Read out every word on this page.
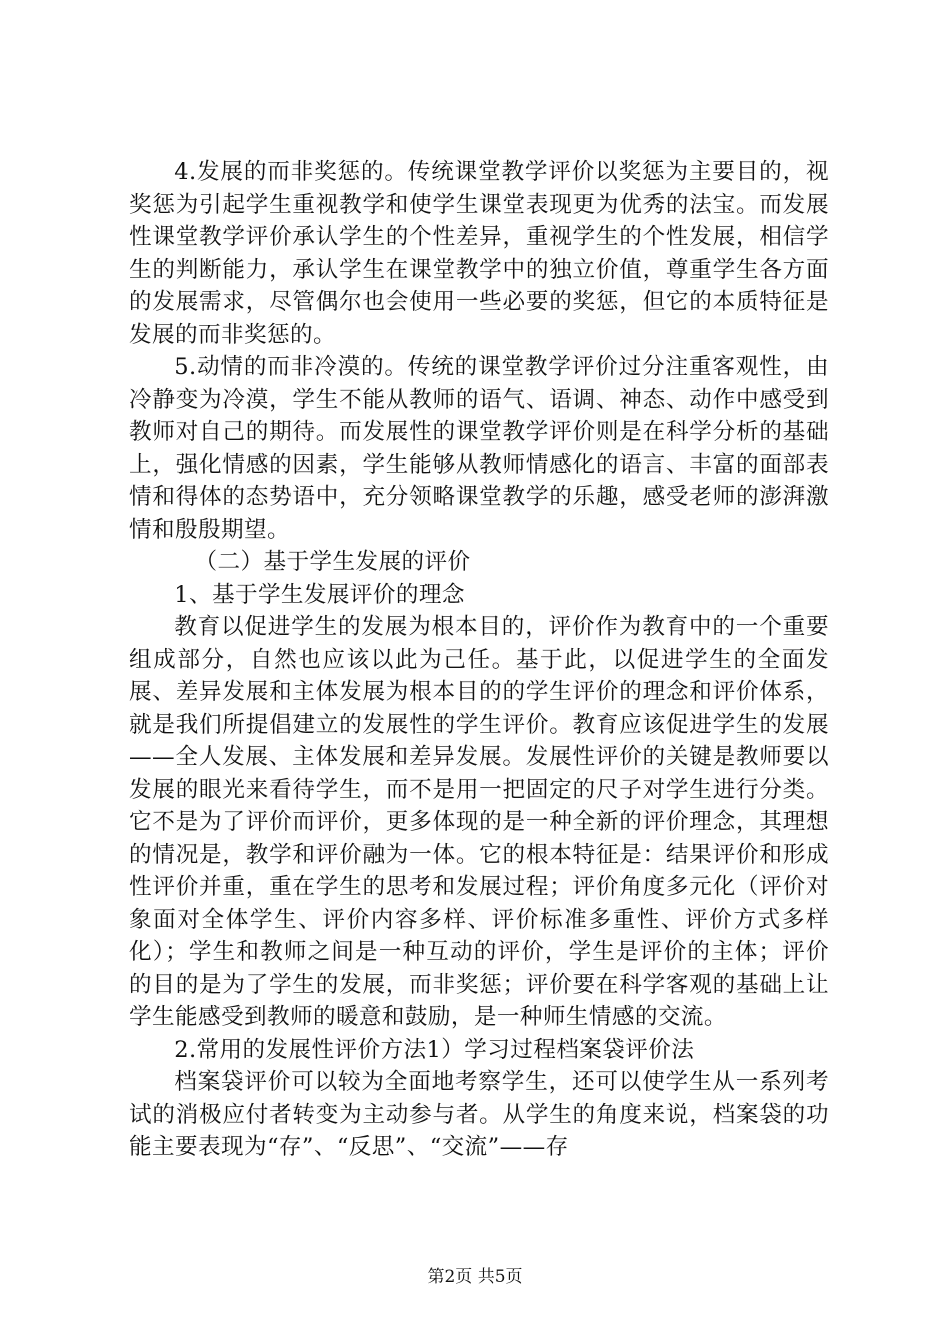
4.发展的而非奖惩的。传统课堂教学评价以奖惩为主要目的，视奖惩为引起学生重视教学和使学生课堂表现更为优秀的法宝。而发展性课堂教学评价承认学生的个性差异，重视学生的个性发展，相信学生的判断能力，承认学生在课堂教学中的独立价值，尊重学生各方面的发展需求，尽管偶尔也会使用一些必要的奖惩，但它的本质特征是发展的而非奖惩的。

5.动情的而非冷漠的。传统的课堂教学评价过分注重客观性，由冷静变为冷漠，学生不能从教师的语气、语调、神态、动作中感受到教师对自己的期待。而发展性的课堂教学评价则是在科学分析的基础上，强化情感的因素，学生能够从教师情感化的语言、丰富的面部表情和得体的态势语中，充分领略课堂教学的乐趣，感受老师的澎湃激情和殷殷期望。

（二）基于学生发展的评价

1、基于学生发展评价的理念

教育以促进学生的发展为根本目的，评价作为教育中的一个重要组成部分，自然也应该以此为己任。基于此，以促进学生的全面发展、差异发展和主体发展为根本目的的学生评价的理念和评价体系，就是我们所提倡建立的发展性的学生评价。教育应该促进学生的发展——全人发展、主体发展和差异发展。发展性评价的关键是教师要以发展的眼光来看待学生，而不是用一把固定的尺子对学生进行分类。它不是为了评价而评价，更多体现的是一种全新的评价理念，其理想的情况是，教学和评价融为一体。它的根本特征是：结果评价和形成性评价并重，重在学生的思考和发展过程；评价角度多元化（评价对象面对全体学生、评价内容多样、评价标准多重性、评价方式多样化）；学生和教师之间是一种互动的评价，学生是评价的主体；评价的目的是为了学生的发展，而非奖惩；评价要在科学客观的基础上让学生能感受到教师的暖意和鼓励，是一种师生情感的交流。

2.常用的发展性评价方法1）学习过程档案袋评价法

档案袋评价可以较为全面地考察学生，还可以使学生从一系列考试的消极应付者转变为主动参与者。从学生的角度来说，档案袋的功能主要表现为“存”、“反思”、“交流”——存

第2页 共5页
